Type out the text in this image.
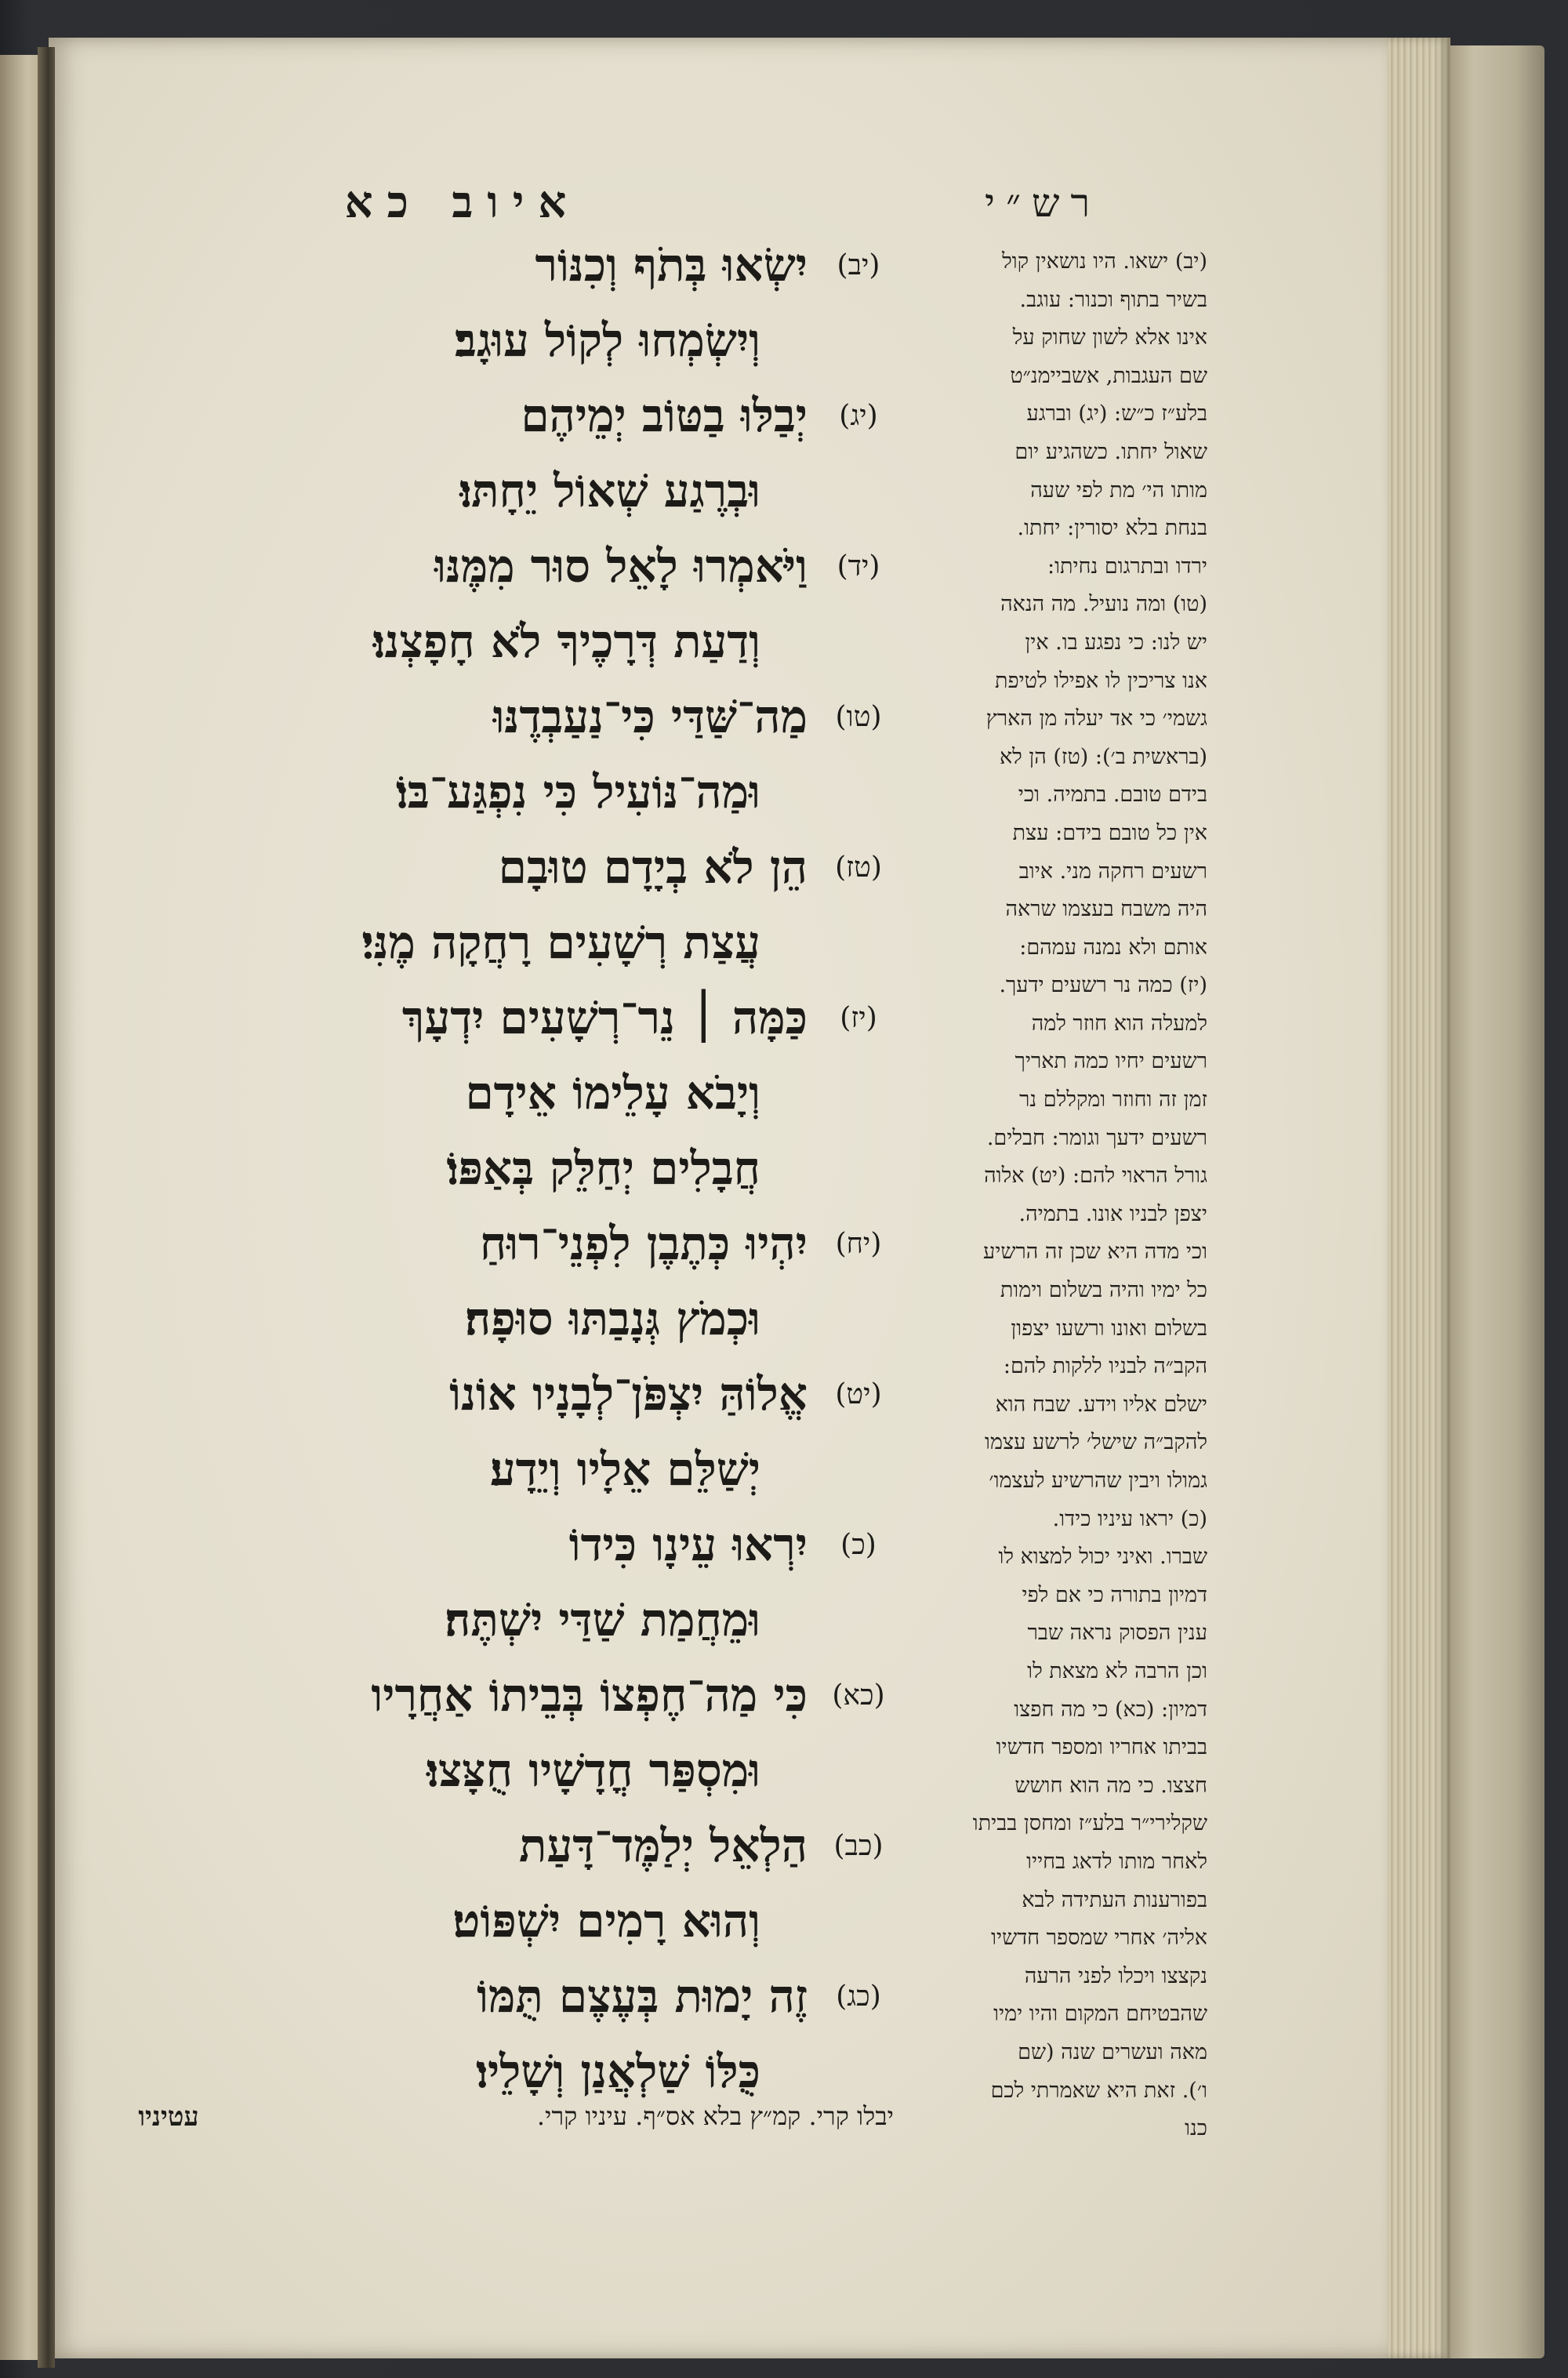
רש״י
איוב כא
(יב)
יִשְׂאוּ בְּתֹף וְכִנּוֹר
וְיִשְׂמְחוּ לְקוֹל עוּגָב׃
(יג)
יְבַלּוּ בַטּוֹב יְמֵיהֶם
וּבְרֶגַע שְׁאוֹל יֵחָתּוּ׃
(יד)
וַיֹּאמְרוּ לָאֵל סוּר מִמֶּנּוּ
וְדַעַת דְּרָכֶיךָ לֹא חָפָצְנוּ׃
(טו)
מַה־שַּׁדַּי כִּי־נַעַבְדֶנּוּ
וּמַה־נּוֹעִיל כִּי נִפְגַּע־בּוֹ׃
(טז)
הֵן לֹא בְיָדָם טוּבָם
עֲצַת רְשָׁעִים רָחֲקָה מֶנִּי׃
(יז)
כַּמָּה ׀ נֵר־רְשָׁעִים יִדְעָךְ
וְיָבֹא עָלֵימוֹ אֵידָם
חֲבָלִים יְחַלֵּק בְּאַפּוֹ׃
(יח)
יִהְיוּ כְּתֶבֶן לִפְנֵי־רוּחַ
וּכְמֹץ גְּנָבַתּוּ סוּפָה׃
(יט)
אֱלוֹהַּ יִצְפֹּן־לְבָנָיו אוֹנוֹ
יְשַׁלֵּם אֵלָיו וְיֵדָע׃
(כ)
יִרְאוּ עֵינָו כִּידוֹ
וּמֵחֲמַת שַׁדַּי יִשְׁתֶּה׃
(כא)
כִּי מַה־חֶפְצוֹ בְּבֵיתוֹ אַחֲרָיו
וּמִסְפַּר חֳדָשָׁיו חֻצָּצוּ׃
(כב)
הַלְאֵל יְלַמֶּד־דָּעַת
וְהוּא רָמִים יִשְׁפּוֹט׃
(כג)
זֶה יָמוּת בְּעֶצֶם תֻּמּוֹ
כֻּלּוֹ שַׁלְאֲנַן וְשָׁלֵיו׃
(יב) ישאו. היו נושאין קול
בשיר בתוף וכנור: עוגב.
אינו אלא לשון שחוק על
שם העגבות, אשביימנ״ט
בלע״ז כ״ש: (יג) וברגע
שאול יחתו. כשהגיע יום
מותו הי׳ מת לפי שעה
בנחת בלא יסורין: יחתו.
ירדו ובתרגום נחיתו:
(טו) ומה נועיל. מה הנאה
יש לנו: כי נפגע בו. אין
אנו צריכין לו אפילו לטיפת
גשמי׳ כי אד יעלה מן הארץ
(בראשית ב׳): (טז) הן לא
בידם טובם. בתמיה. וכי
אין כל טובם בידם: עצת
רשעים רחקה מני. איוב
היה משבח בעצמו שראה
אותם ולא נמנה עמהם:
(יז) כמה נר רשעים ידעך.
למעלה הוא חוזר למה
רשעים יחיו כמה תאריך
זמן זה וחוזר ומקללם נר
רשעים ידעך וגומר: חבלים.
גורל הראוי להם: (יט) אלוה
יצפן לבניו אונו. בתמיה.
וכי מדה היא שכן זה הרשיע
כל ימיו והיה בשלום וימות
בשלום ואונו ורשעו יצפון
הקב״ה לבניו ללקות להם:
ישלם אליו וידע. שבח הוא
להקב״ה שישל׳ לרשע עצמו
גמולו ויבין שהרשיע לעצמו׳
(כ) יראו עיניו כידו.
שברו. ואיני יכול למצוא לו
דמיון בתורה כי אם לפי
ענין הפסוק נראה שבר
וכן הרבה לא מצאת לו
דמיון: (כא) כי מה חפצו
בביתו אחריו ומספר חדשיו
חצצו. כי מה הוא חושש
שקלירי״ר בלע״ז ומחסן בביתו
לאחר מותו לדאג בחייו
בפורענות העתידה לבא
אליה׳ אחרי שמספר חדשיו
נקצצו ויכלו לפני הרעה
שהבטיחם המקום והיו ימיו
מאה ועשרים שנה (שם
ו׳). זאת היא שאמרתי לכם
כנו
יבלו קרי. קמ״ץ בלא אס״ף. עיניו קרי.
עטיניו
